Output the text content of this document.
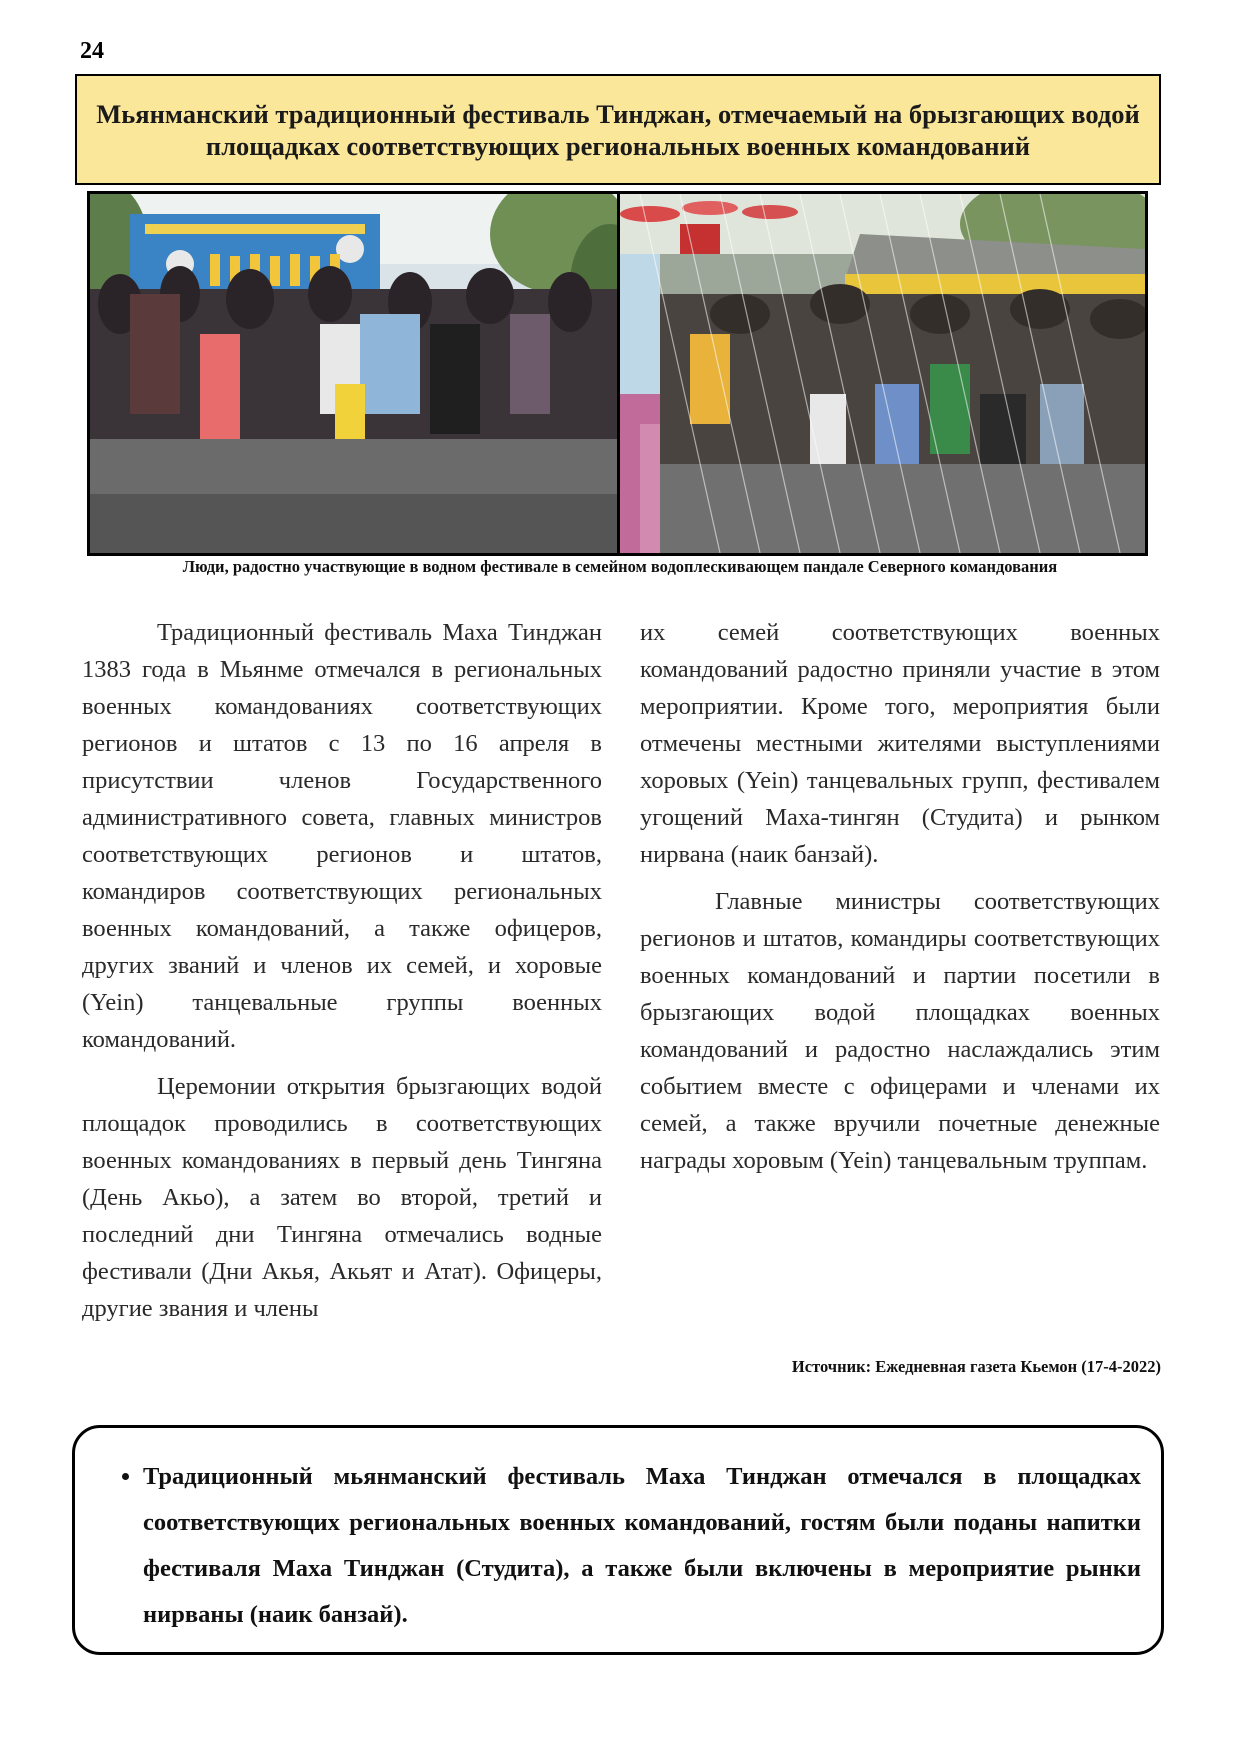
24
Мьянманский традиционный фестиваль Тинджан, отмечаемый на брызгающих водой площадках соответствующих региональных военных командований
Люди, радостно участвующие в водном фестивале в семейном водоплескивающем пандале Северного командования

Традиционный фестиваль Маха Тинджан 1383 года в Мьянме отмечался в региональных военных командованиях соответствующих регионов и штатов с 13 по 16 апреля в присутствии членов Государственного административного совета, главных министров соответствующих регионов и штатов, командиров соответствующих региональных военных командований, а также офицеров, других званий и членов их семей, и хоровые (Yein) танцевальные группы военных командований.

Церемонии открытия брызгающих водой площадок проводились в соответствующих военных командованиях в первый день Тингяна (День Акьо), а затем во второй, третий и последний дни Тингяна отмечались водные фестивали (Дни Акья, Акьят и Атат). Офицеры, другие звания и члены

их семей соответствующих военных командований радостно приняли участие в этом мероприятии. Кроме того, мероприятия были отмечены местными жителями выступлениями хоровых (Yein) танцевальных групп, фестивалем угощений Маха-тингян (Студита) и рынком нирвана (наик банзай).

Главные министры соответствующих регионов и штатов, командиры соответствующих военных командований и партии посетили в брызгающих водой площадках военных командований и радостно наслаждались этим событием вместе с офицерами и членами их семей, а также вручили почетные денежные награды хоровым (Yein) танцевальным труппам.

Источник: Ежедневная газета Кьемон (17-4-2022)
• Традиционный мьянманский фестиваль Маха Тинджан отмечался в площадках соответствующих региональных военных командований, гостям были поданы напитки фестиваля Маха Тинджан (Студита), а также были включены в мероприятие рынки нирваны (наик банзай).
